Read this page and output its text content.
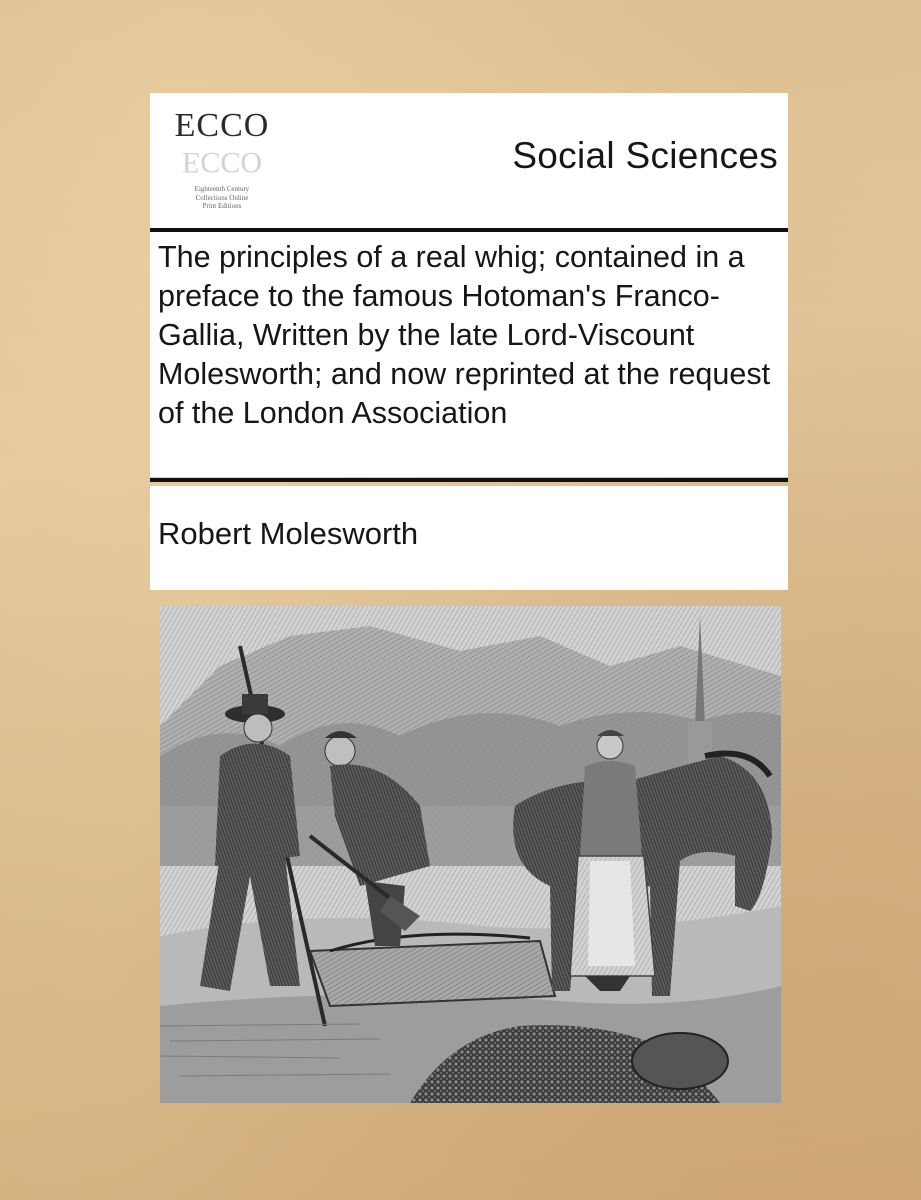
ECCO
ECCO
Eighteenth Century
Collections Online
Print Editions
Social Sciences
The principles of a real whig; contained in a preface to the famous Hotoman's Franco-Gallia, Written by the late Lord-Viscount Molesworth; and now reprinted at the request of the London Association
Robert Molesworth
